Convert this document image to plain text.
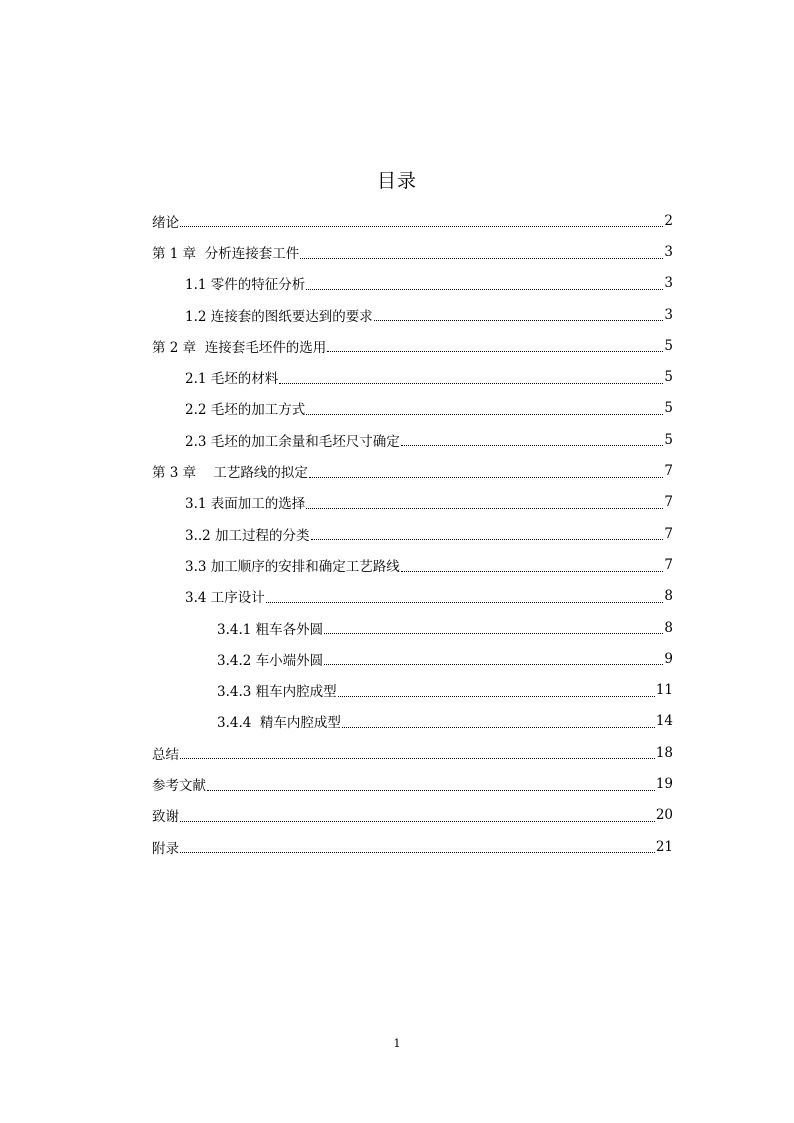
目录
绪论	2
第 1 章  分析连接套工件	3
1.1 零件的特征分析	3
1.2 连接套的图纸要达到的要求	3
第 2 章  连接套毛坯件的选用	5
2.1 毛坯的材料	5
2.2 毛坯的加工方式	5
2.3 毛坯的加工余量和毛坯尺寸确定	5
第 3 章    工艺路线的拟定	7
3.1 表面加工的选择	7
3..2 加工过程的分类	7
3.3 加工顺序的安排和确定工艺路线	7
3.4 工序设计	8
3.4.1 粗车各外圆	8
3.4.2 车小端外圆	9
3.4.3 粗车内腔成型	11
3.4.4  精车内腔成型	14
总结	18
参考文献	19
致谢	20
附录	21
1
